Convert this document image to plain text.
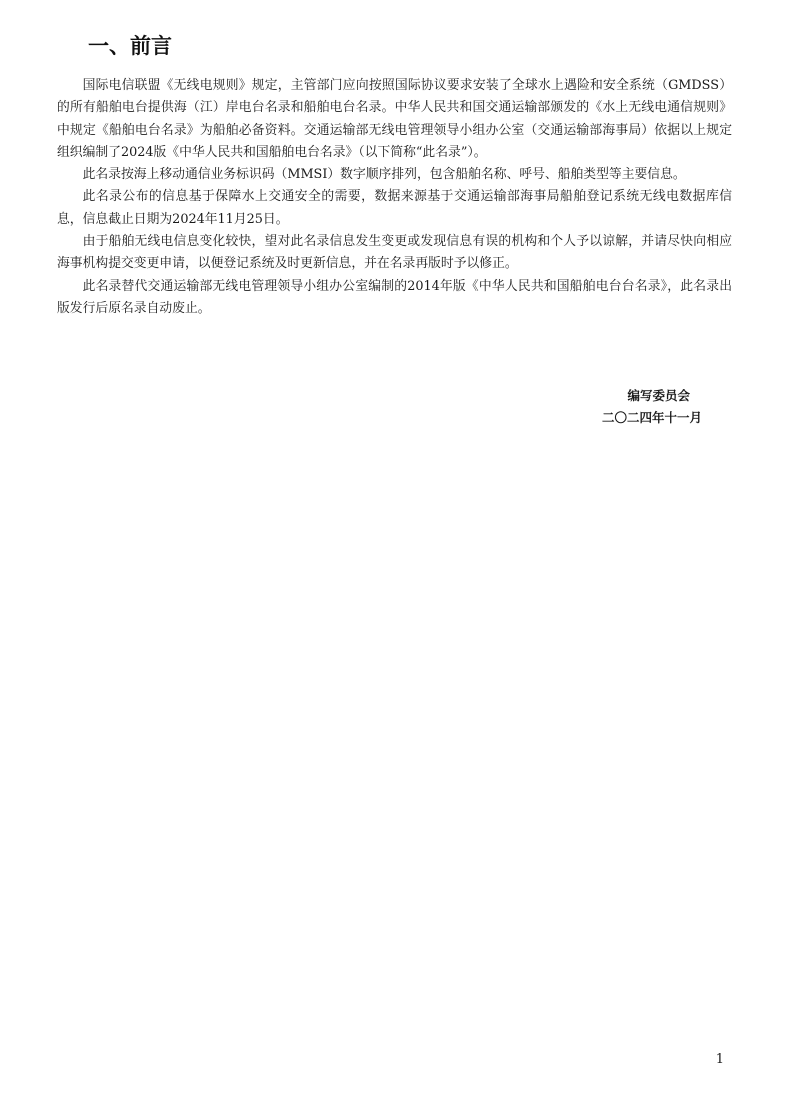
一、前言

国际电信联盟《无线电规则》规定，主管部门应向按照国际协议要求安装了全球水上遇险和安全系统（GMDSS）的所有船舶电台提供海（江）岸电台名录和船舶电台名录。中华人民共和国交通运输部颁发的《水上无线电通信规则》中规定《船舶电台名录》为船舶必备资料。交通运输部无线电管理领导小组办公室（交通运输部海事局）依据以上规定组织编制了2024版《中华人民共和国船舶电台名录》（以下简称“此名录”）。

此名录按海上移动通信业务标识码（MMSI）数字顺序排列，包含船舶名称、呼号、船舶类型等主要信息。

此名录公布的信息基于保障水上交通安全的需要，数据来源基于交通运输部海事局船舶登记系统无线电数据库信息，信息截止日期为2024年11月25日。

由于船舶无线电信息变化较快，望对此名录信息发生变更或发现信息有误的机构和个人予以谅解，并请尽快向相应海事机构提交变更申请，以便登记系统及时更新信息，并在名录再版时予以修正。

此名录替代交通运输部无线电管理领导小组办公室编制的2014年版《中华人民共和国船舶电台台名录》，此名录出版发行后原名录自动废止。

编写委员会
二〇二四年十一月
1
